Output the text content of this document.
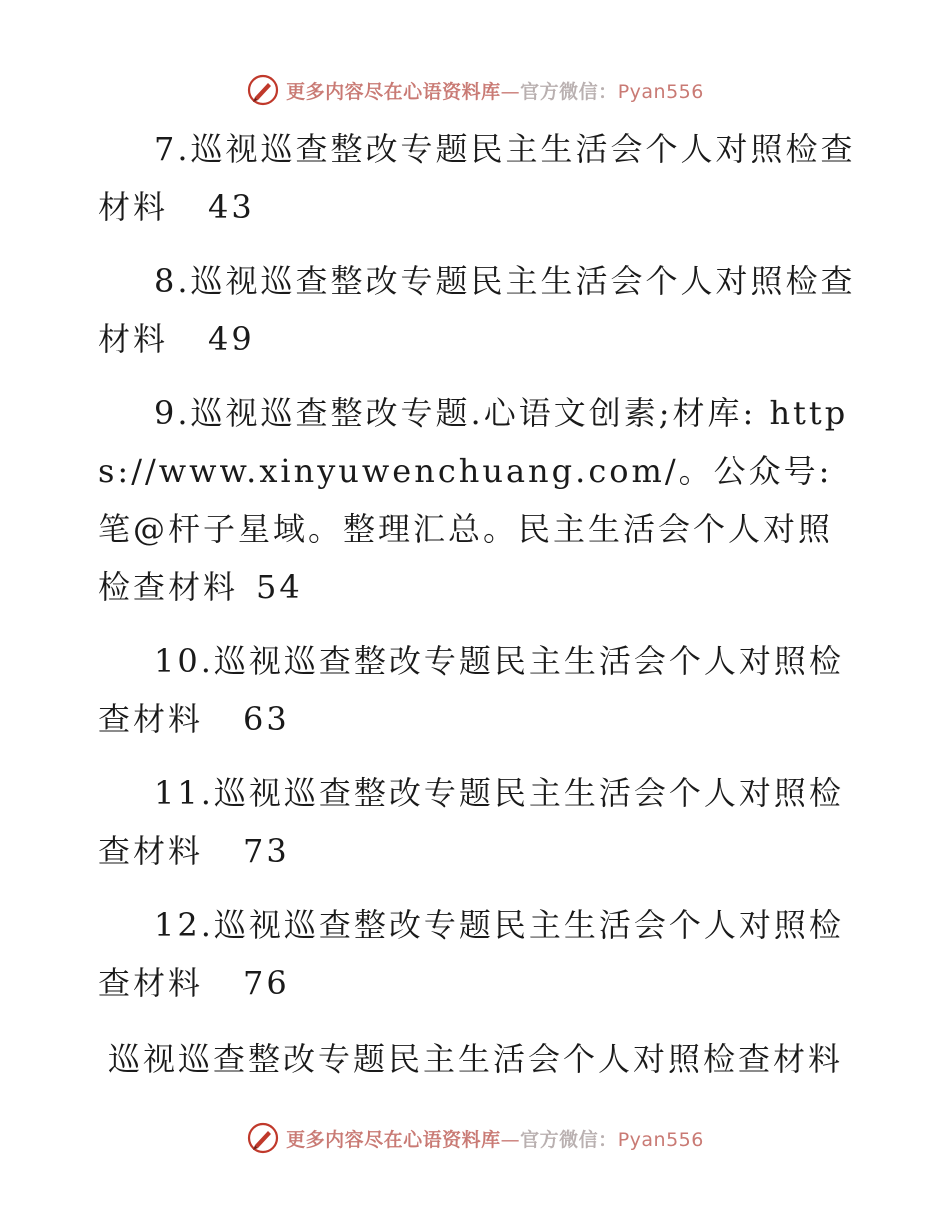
更多内容尽在心语资料库—官方微信：Pyan556
7.巡视巡查整改专题民主生活会个人对照检查材料 43
8.巡视巡查整改专题民主生活会个人对照检查材料 49
9.巡视巡查整改专题.心语文创素;材库: https://www.xinyuwenchuang.com/。公众号: 笔@杆子星域。整理汇总。民主生活会个人对照检查材料 54
10.巡视巡查整改专题民主生活会个人对照检查材料 63
11.巡视巡查整改专题民主生活会个人对照检查材料 73
12.巡视巡查整改专题民主生活会个人对照检查材料 76
巡视巡查整改专题民主生活会个人对照检查材料
更多内容尽在心语资料库—官方微信：Pyan556
